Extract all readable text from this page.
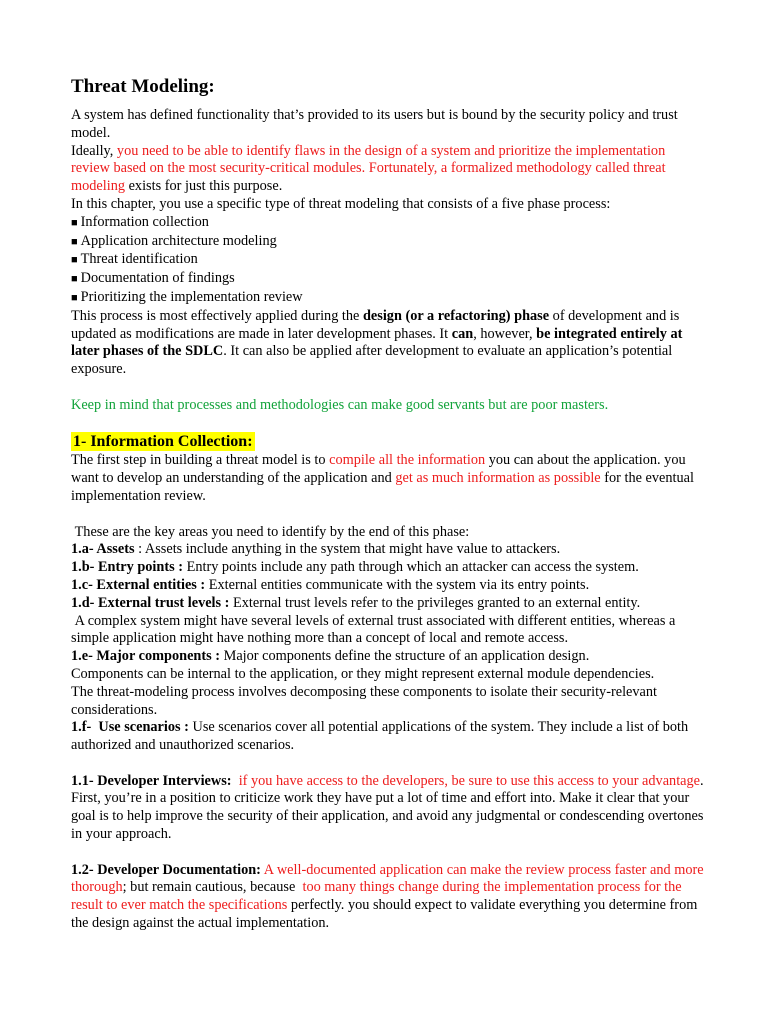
Threat Modeling:

A system has defined functionality that’s provided to its users but is bound by the security policy and trust model.

Ideally, you need to be able to identify flaws in the design of a system and prioritize the implementation review based on the most security-critical modules. Fortunately, a formalized methodology called threat modeling exists for just this purpose.

In this chapter, you use a specific type of threat modeling that consists of a five phase process:

■ Information collection

■ Application architecture modeling

■ Threat identification

■ Documentation of findings

■ Prioritizing the implementation review

This process is most effectively applied during the design (or a refactoring) phase of development and is updated as modifications are made in later development phases. It can, however, be integrated entirely at later phases of the SDLC. It can also be applied after development to evaluate an application’s potential exposure.

Keep in mind that processes and methodologies can make good servants but are poor masters.

1- Information Collection:

The first step in building a threat model is to compile all the information you can about the application. you want to develop an understanding of the application and get as much information as possible for the eventual implementation review.

These are the key areas you need to identify by the end of this phase:

1.a- Assets : Assets include anything in the system that might have value to attackers.

1.b- Entry points : Entry points include any path through which an attacker can access the system.

1.c- External entities : External entities communicate with the system via its entry points.

1.d- External trust levels : External trust levels refer to the privileges granted to an external entity.
A complex system might have several levels of external trust associated with different entities, whereas a simple application might have nothing more than a concept of local and remote access.

1.e- Major components : Major components define the structure of an application design.
Components can be internal to the application, or they might represent external module dependencies.
The threat-modeling process involves decomposing these components to isolate their security-relevant considerations.

1.f-  Use scenarios : Use scenarios cover all potential applications of the system. They include a list of both authorized and unauthorized scenarios.

1.1- Developer Interviews:  if you have access to the developers, be sure to use this access to your advantage. First, you’re in a position to criticize work they have put a lot of time and effort into. Make it clear that your goal is to help improve the security of their application, and avoid any judgmental or condescending overtones in your approach.

1.2- Developer Documentation: A well-documented application can make the review process faster and more thorough; but remain cautious, because  too many things change during the implementation process for the result to ever match the specifications perfectly. you should expect to validate everything you determine from the design against the actual implementation.
